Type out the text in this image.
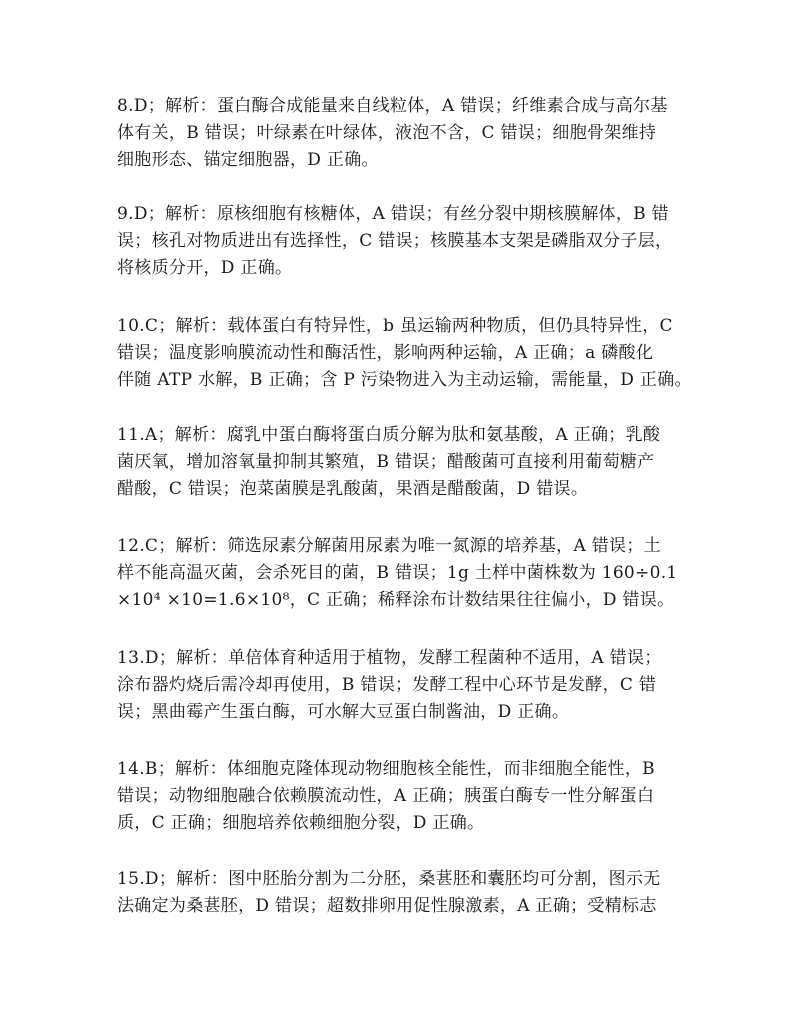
8.D；解析：蛋白酶合成能量来自线粒体，A 错误；纤维素合成与高尔基
体有关，B 错误；叶绿素在叶绿体，液泡不含，C 错误；细胞骨架维持
细胞形态、锚定细胞器，D 正确。
9.D；解析：原核细胞有核糖体，A 错误；有丝分裂中期核膜解体，B 错
误；核孔对物质进出有选择性，C 错误；核膜基本支架是磷脂双分子层，
将核质分开，D 正确。
10.C；解析：载体蛋白有特异性，b 虽运输两种物质，但仍具特异性，C
错误；温度影响膜流动性和酶活性，影响两种运输，A 正确；a 磷酸化
伴随 ATP 水解，B 正确；含 P 污染物进入为主动运输，需能量，D 正确。
11.A；解析：腐乳中蛋白酶将蛋白质分解为肽和氨基酸，A 正确；乳酸
菌厌氧，增加溶氧量抑制其繁殖，B 错误；醋酸菌可直接利用葡萄糖产
醋酸，C 错误；泡菜菌膜是乳酸菌，果酒是醋酸菌，D 错误。
12.C；解析：筛选尿素分解菌用尿素为唯一氮源的培养基，A 错误；土
样不能高温灭菌，会杀死目的菌，B 错误；1g 土样中菌株数为 160÷0.1
×10⁴ ×10=1.6×10⁸，C 正确；稀释涂布计数结果往往偏小，D 错误。
13.D；解析：单倍体育种适用于植物，发酵工程菌种不适用，A 错误；
涂布器灼烧后需冷却再使用，B 错误；发酵工程中心环节是发酵，C 错
误；黑曲霉产生蛋白酶，可水解大豆蛋白制酱油，D 正确。
14.B；解析：体细胞克隆体现动物细胞核全能性，而非细胞全能性，B
错误；动物细胞融合依赖膜流动性，A 正确；胰蛋白酶专一性分解蛋白
质，C 正确；细胞培养依赖细胞分裂，D 正确。
15.D；解析：图中胚胎分割为二分胚，桑葚胚和囊胚均可分割，图示无
法确定为桑葚胚，D 错误；超数排卵用促性腺激素，A 正确；受精标志
